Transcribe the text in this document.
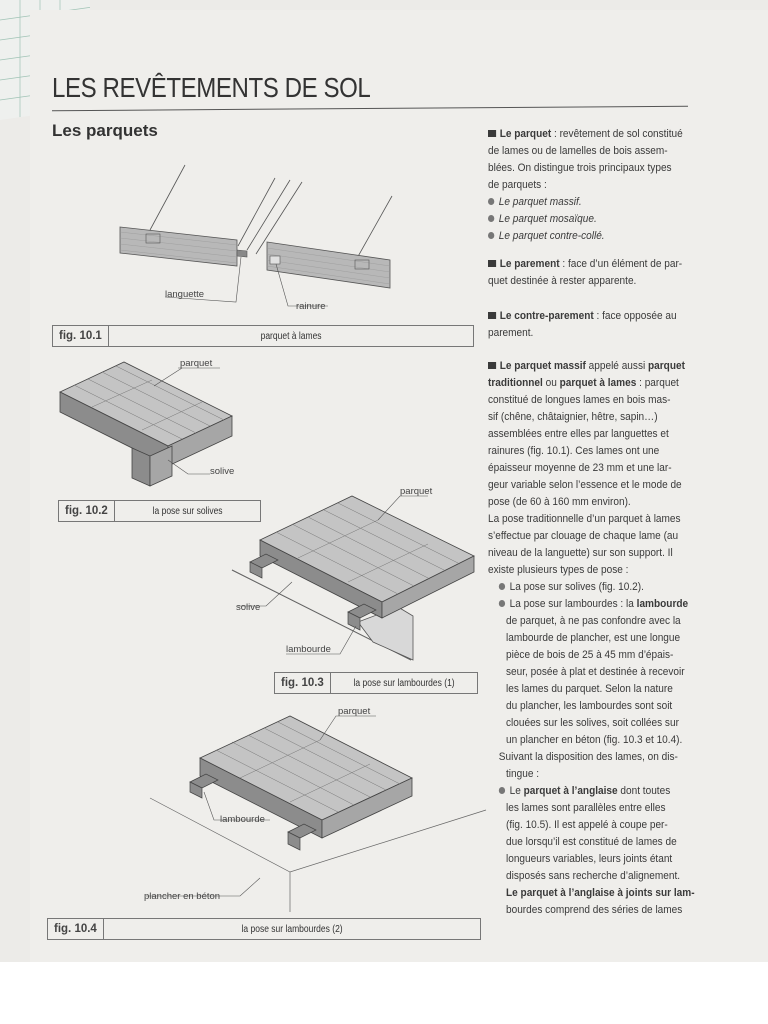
LES REVÊTEMENTS DE SOL
Les parquets
languette
rainure
fig. 10.1	parquet à lames
parquet
solive
fig. 10.2	la pose sur solives
parquet
solive
lambourde
fig. 10.3	la pose sur lambourdes (1)
parquet
lambourde
plancher en béton
fig. 10.4	la pose sur lambourdes (2)
Le parquet : revêtement de sol constitué
de lames ou de lamelles de bois assem-
blées. On distingue trois principaux types
de parquets :
Le parquet massif.
Le parquet mosaïque.
Le parquet contre-collé.
Le parement : face d’un élément de par-
quet destinée à rester apparente.
Le contre-parement : face opposée au
parement.
Le parquet massif appelé aussi parquet
traditionnel ou parquet à lames : parquet
constitué de longues lames en bois mas-
sif (chêne, châtaignier, hêtre, sapin…)
assemblées entre elles par languettes et
rainures (fig. 10.1). Ces lames ont une
épaisseur moyenne de 23 mm et une lar-
geur variable selon l’essence et le mode de
pose (de 60 à 160 mm environ).
La pose traditionnelle d’un parquet à lames
s’effectue par clouage de chaque lame (au
niveau de la languette) sur son support. Il
existe plusieurs types de pose :
La pose sur solives (fig. 10.2).
La pose sur lambourdes : la lambourde
de parquet, à ne pas confondre avec la
lambourde de plancher, est une longue
pièce de bois de 25 à 45 mm d’épais-
seur, posée à plat et destinée à recevoir
les lames du parquet. Selon la nature
du plancher, les lambourdes sont soit
clouées sur les solives, soit collées sur
un plancher en béton (fig. 10.3 et 10.4).
Suivant la disposition des lames, on dis-
tingue :
Le parquet à l’anglaise dont toutes
les lames sont parallèles entre elles
(fig. 10.5). Il est appelé à coupe per-
due lorsqu’il est constitué de lames de
longueurs variables, leurs joints étant
disposés sans recherche d’alignement.
Le parquet à l’anglaise à joints sur lam-
bourdes comprend des séries de lames
